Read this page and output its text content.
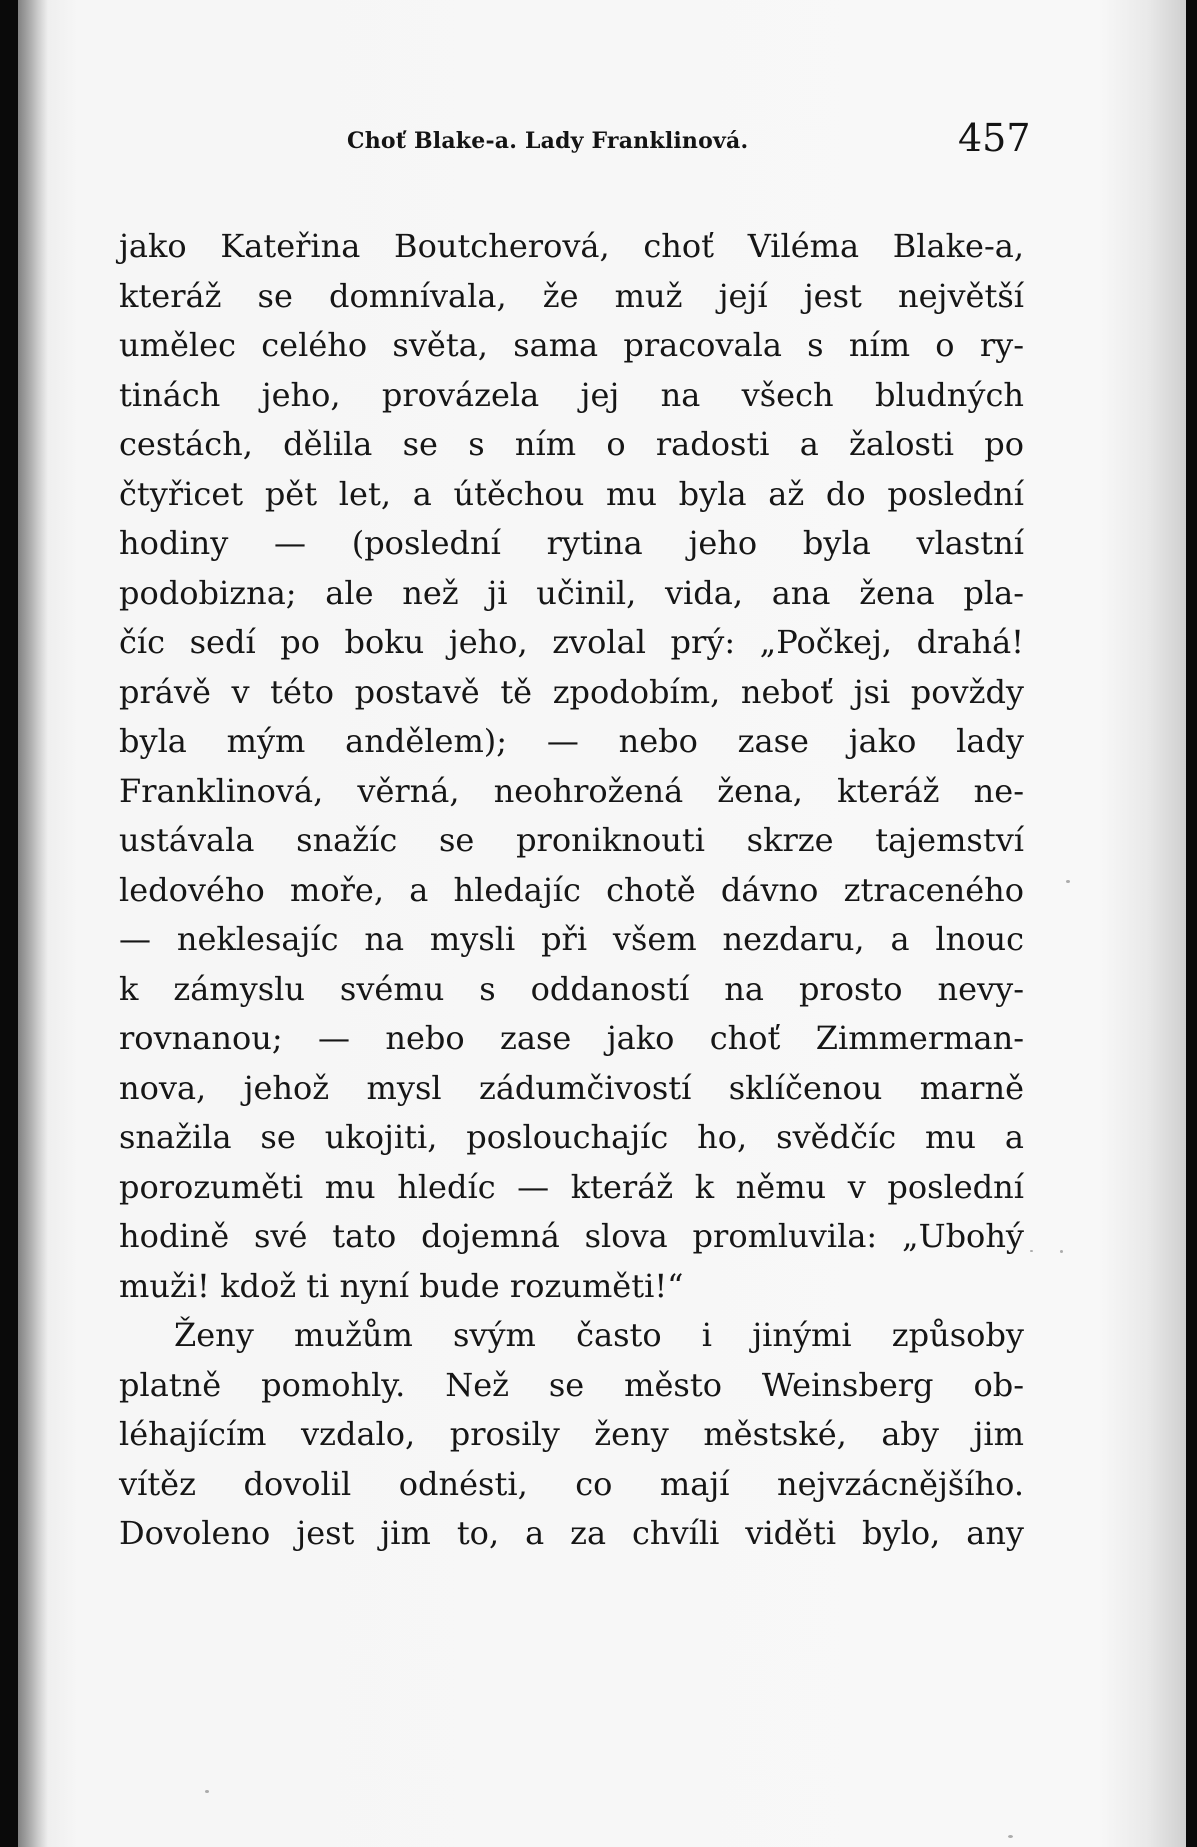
Choť Blake-a. Lady Franklinová.	457
jako Kateřina Boutcherová, choť Viléma Blake-a,
kteráž se domnívala, že muž její jest největší
umělec celého světa, sama pracovala s ním o ry-
tinách jeho, provázela jej na všech bludných
cestách, dělila se s ním o radosti a žalosti po
čtyřicet pět let, a útěchou mu byla až do poslední
hodiny — (poslední rytina jeho byla vlastní
podobizna; ale než ji učinil, vida, ana žena pla-
číc sedí po boku jeho, zvolal prý: „Počkej, drahá!
právě v této postavě tě zpodobím, neboť jsi povždy
byla mým andělem); — nebo zase jako lady
Franklinová, věrná, neohrožená žena, kteráž ne-
ustávala snažíc se proniknouti skrze tajemství
ledového moře, a hledajíc chotě dávno ztraceného
— neklesajíc na mysli při všem nezdaru, a lnouc
k zámyslu svému s oddaností na prosto nevy-
rovnanou; — nebo zase jako choť Zimmerman-
nova, jehož mysl zádumčivostí sklíčenou marně
snažila se ukojiti, poslouchajíc ho, svědčíc mu a
porozuměti mu hledíc — kteráž k němu v poslední
hodině své tato dojemná slova promluvila: „Ubohý
muži! kdož ti nyní bude rozuměti!“
Ženy mužům svým často i jinými způsoby
platně pomohly. Než se město Weinsberg ob-
léhajícím vzdalo, prosily ženy městské, aby jim
vítěz dovolil odnésti, co mají nejvzácnějšího.
Dovoleno jest jim to, a za chvíli viděti bylo, any
